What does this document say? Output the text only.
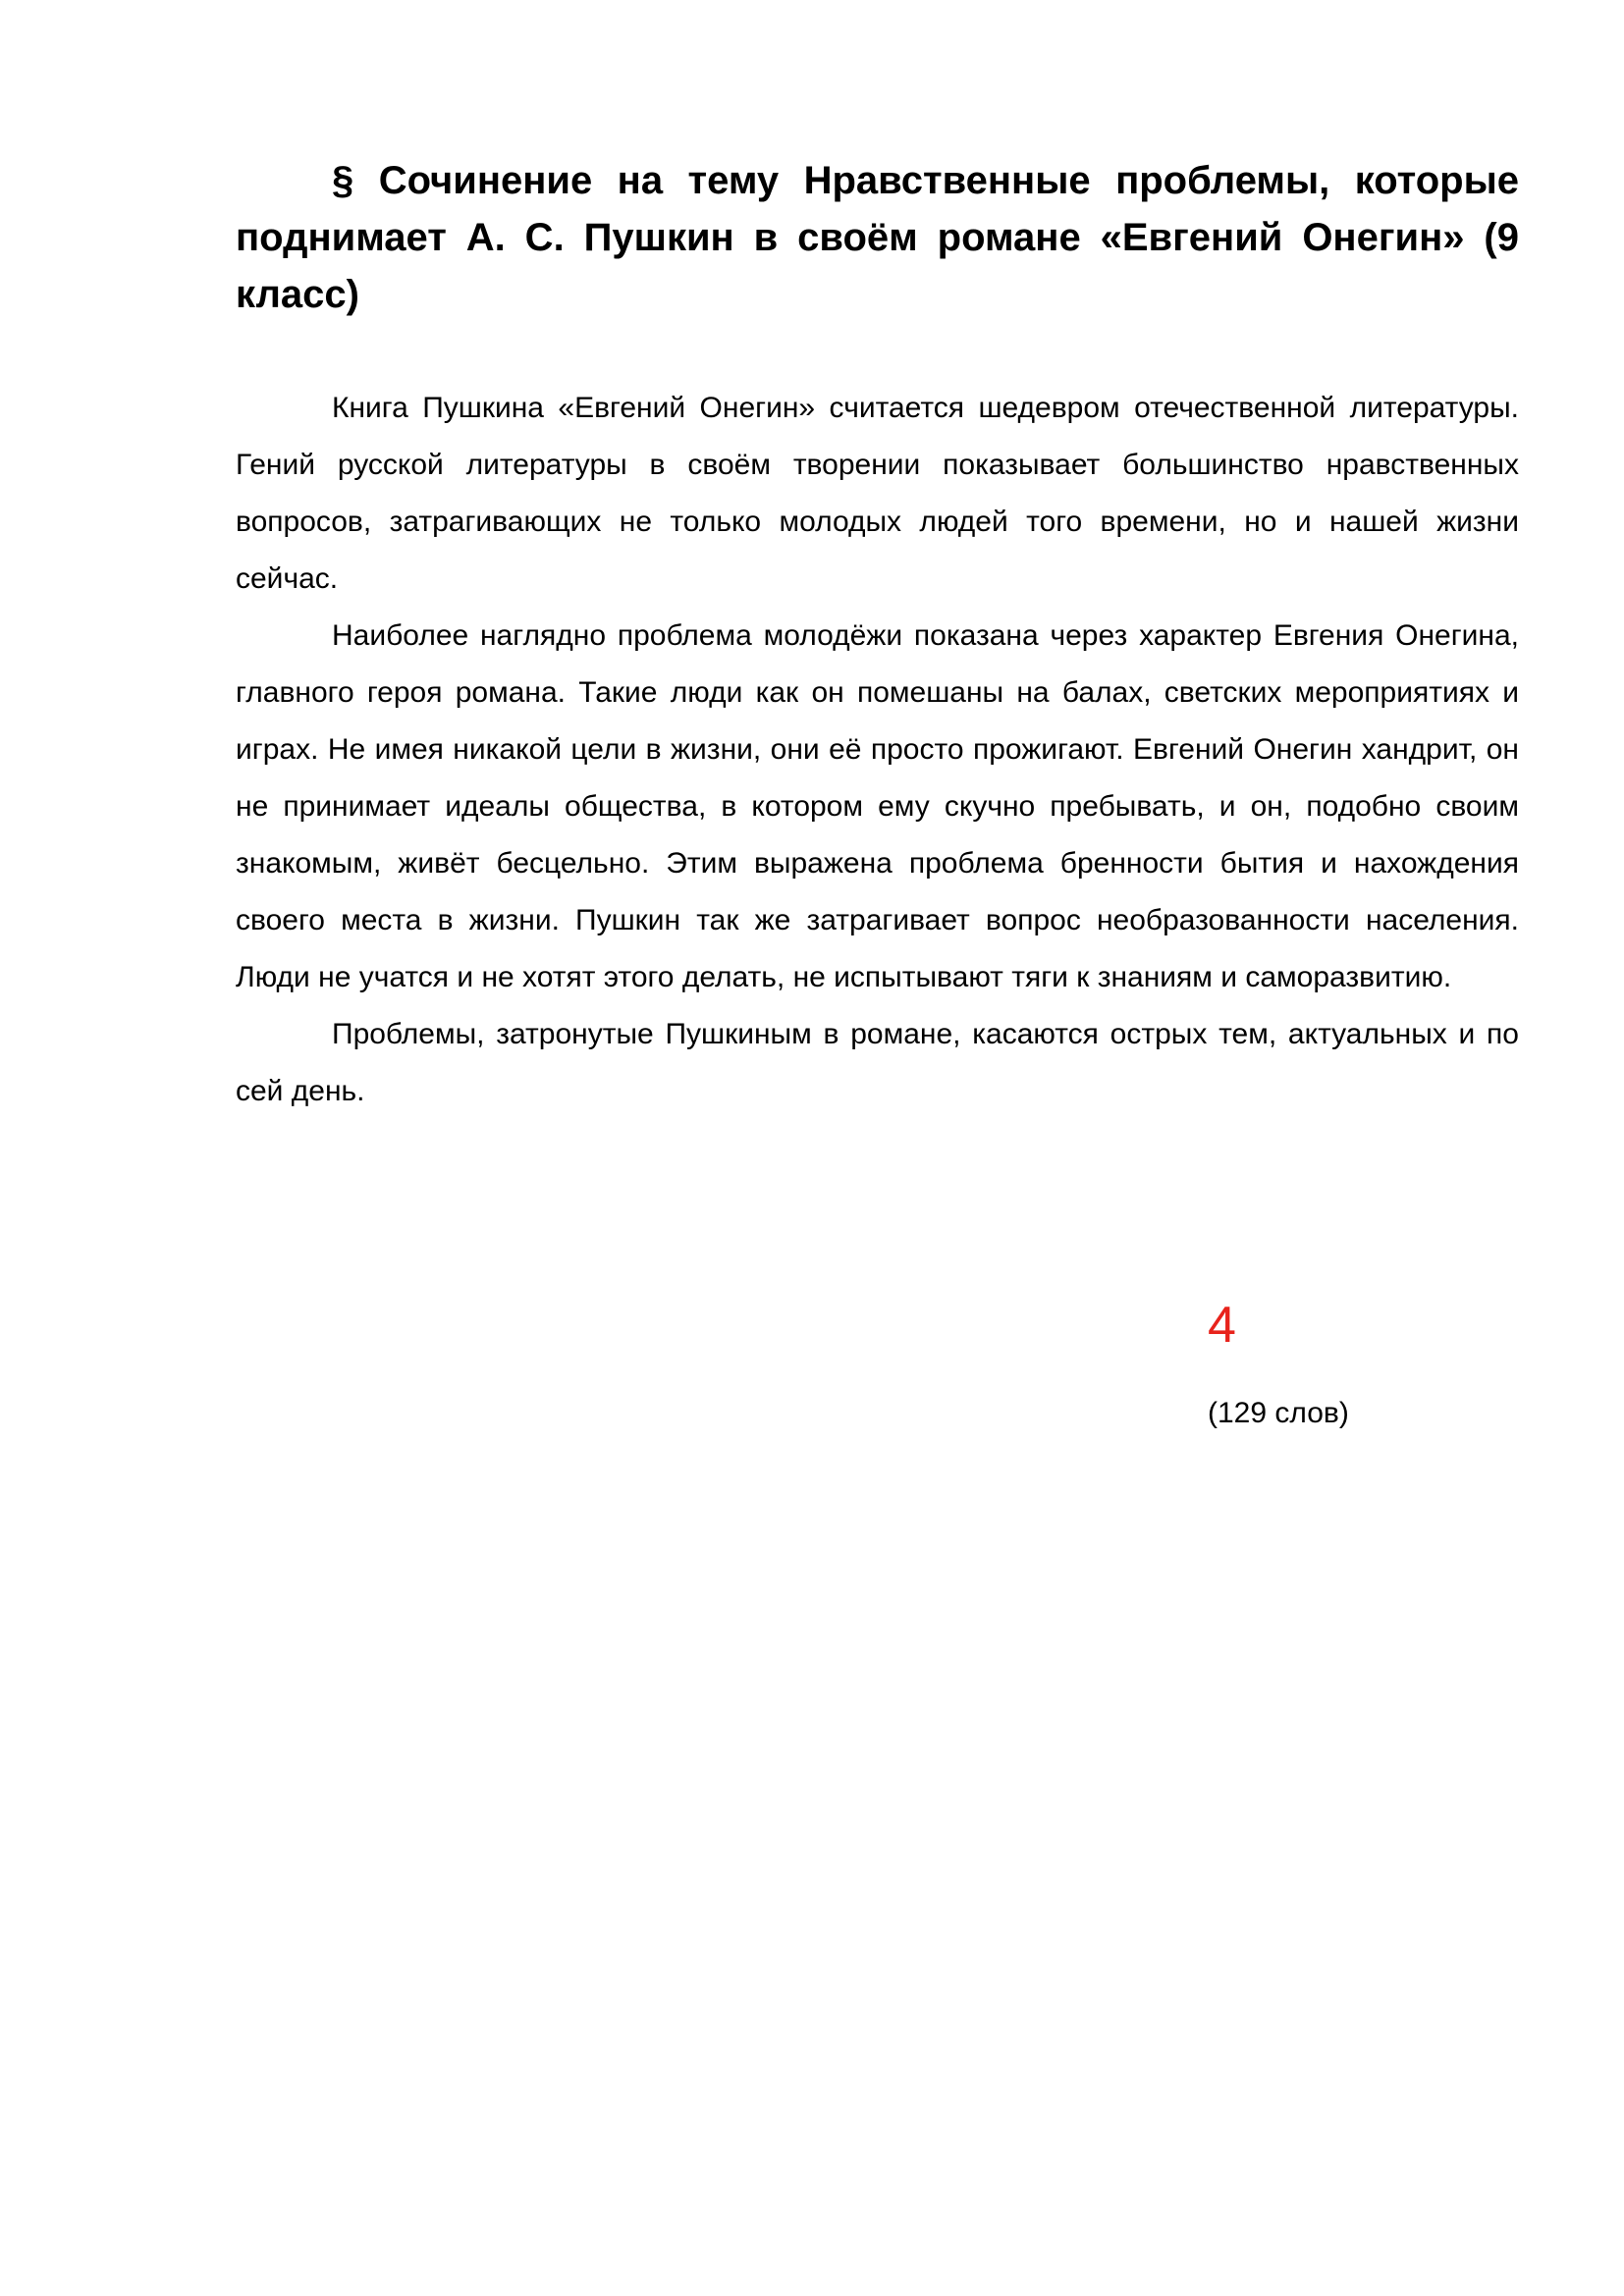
§ Сочинение на тему Нравственные проблемы, которые поднимает А. С. Пушкин в своём романе «Евгений Онегин» (9 класс)

Книга Пушкина «Евгений Онегин» считается шедевром отечественной литературы. Гений русской литературы в своём творении показывает большинство нравственных вопросов, затрагивающих не только молодых людей того времени, но и нашей жизни сейчас.

Наиболее наглядно проблема молодёжи показана через характер Евгения Онегина, главного героя романа. Такие люди как он помешаны на балах, светских мероприятиях и играх. Не имея никакой цели в жизни, они её просто прожигают. Евгений Онегин хандрит, он не принимает идеалы общества, в котором ему скучно пребывать, и он, подобно своим знакомым, живёт бесцельно. Этим выражена проблема бренности бытия и нахождения своего места в жизни. Пушкин так же затрагивает вопрос необразованности населения. Люди не учатся и не хотят этого делать, не испытывают тяги к знаниям и саморазвитию.

Проблемы, затронутые Пушкиным в романе, касаются острых тем, актуальных и по сей день.

4
(129 слов)
